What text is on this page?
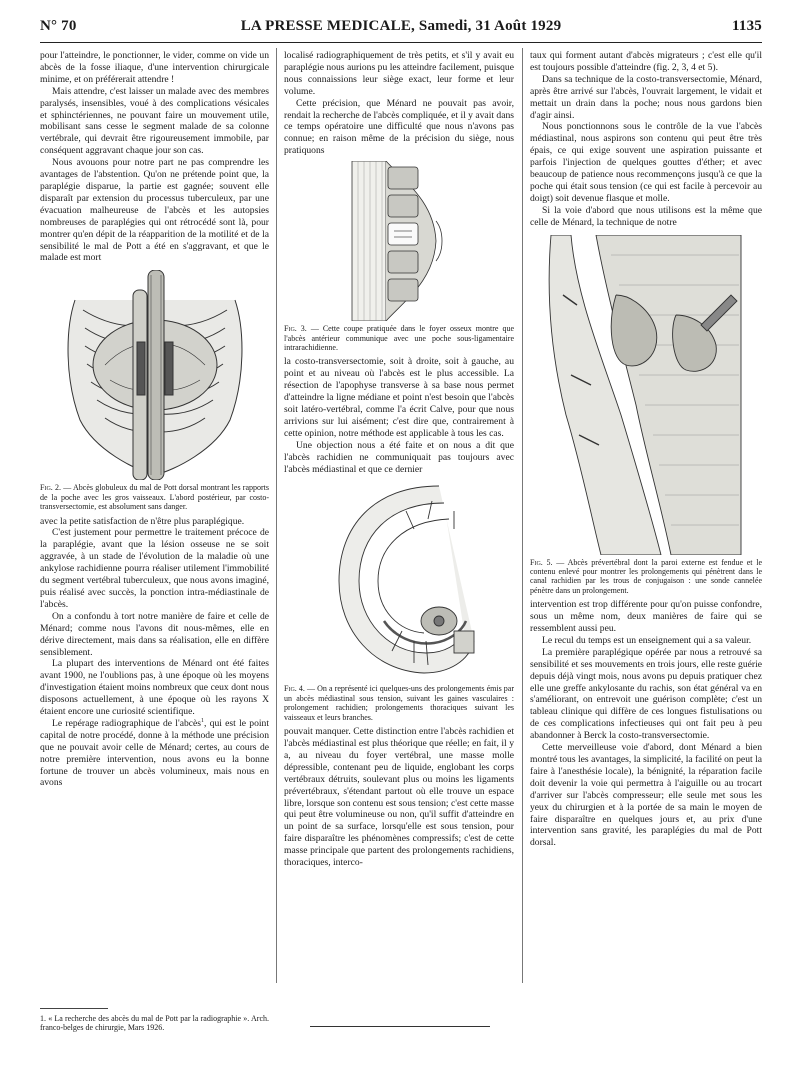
N° 70	LA PRESSE MEDICALE, Samedi, 31 Août 1929	1135

pour l'atteindre, le ponctionner, le vider, comme on vide un abcès de la fosse iliaque, d'une intervention chirurgicale minime, et on préférerait attendre !

Mais attendre, c'est laisser un malade avec des membres paralysés, insensibles, voué à des complications vésicales et sphinctériennes, ne pouvant faire un mouvement utile, mobilisant sans cesse le segment malade de sa colonne vertébrale, qui devrait être rigoureusement immobile, par conséquent aggravant chaque jour son cas.

Nous avouons pour notre part ne pas comprendre les avantages de l'abstention. Qu'on ne prétende point que, la paraplégie disparue, la partie est gagnée; souvent elle disparaît par extension du processus tuberculeux, par une évacuation malheureuse de l'abcès et les autopsies nombreuses de paraplégies qui ont rétrocédé sont là, pour montrer qu'en dépit de la réapparition de la motilité et de la sensibilité le mal de Pott a été en s'aggravant, et que le malade est mort

Fig. 2. — Abcès globuleux du mal de Pott dorsal montrant les rapports de la poche avec les gros vaisseaux. L'abord postérieur, par costo-transversectomie, est absolument sans danger.

avec la petite satisfaction de n'être plus paraplégique.

C'est justement pour permettre le traitement précoce de la paraplégie, avant que la lésion osseuse ne se soit aggravée, à un stade de l'évolution de la maladie où une ankylose rachidienne pourra réaliser utilement l'immobilité du segment vertébral tuberculeux, que nous avons imaginé, puis réalisé avec succès, la ponction intra-médiastinale de l'abcès.

On a confondu à tort notre manière de faire et celle de Ménard; comme nous l'avons dit nous-mêmes, elle en dérive directement, mais dans sa réalisation, elle en diffère sensiblement.

La plupart des interventions de Ménard ont été faites avant 1900, ne l'oublions pas, à une époque où les moyens d'investigation étaient moins nombreux que ceux dont nous disposons actuellement, à une époque où les rayons X étaient encore une curiosité scientifique.

Le repérage radiographique de l'abcès$^1$, qui est le point capital de notre procédé, donne à la méthode une précision que ne pouvait avoir celle de Ménard; certes, au cours de notre première intervention, nous avons eu la bonne fortune de trouver un abcès volumineux, mais nous en avons

1. « La recherche des abcès du mal de Pott par la radiographie ». Arch. franco-belges de chirurgie, Mars 1926.

localisé radiographiquement de très petits, et s'il y avait eu paraplégie nous aurions pu les atteindre facilement, puisque nous connaissions leur siège exact, leur forme et leur volume.

Cette précision, que Ménard ne pouvait pas avoir, rendait la recherche de l'abcès compliquée, et il y avait dans ce temps opératoire une difficulté que nous n'avons pas connue; en raison même de la précision du siège, nous pratiquons

Fig. 3. — Cette coupe pratiquée dans le foyer osseux montre que l'abcès antérieur communique avec une poche sous-ligamentaire intrarachidienne.

la costo-transversectomie, soit à droite, soit à gauche, au point et au niveau où l'abcès est le plus accessible. La résection de l'apophyse transverse à sa base nous permet d'atteindre la ligne médiane et point n'est besoin que l'abcès soit latéro-vertébral, comme l'a écrit Calve, pour que nous arrivions sur lui aisément; c'est dire que, contrairement à cette opinion, notre méthode est applicable à tous les cas.

Une objection nous a été faite et on nous a dit que l'abcès rachidien ne communiquait pas toujours avec l'abcès médiastinal et que ce dernier

Fig. 4. — On a représenté ici quelques-uns des prolongements émis par un abcès médiastinal sous tension, suivant les gaines vasculaires : prolongement rachidien; prolongements thoraciques suivant les vaisseaux et leurs branches.

pouvait manquer. Cette distinction entre l'abcès rachidien et l'abcès médiastinal est plus théorique que réelle; en fait, il y a, au niveau du foyer vertébral, une masse molle dépressible, contenant peu de liquide, englobant les corps vertébraux détruits, soulevant plus ou moins les ligaments prévertébraux, s'étendant partout où elle trouve un espace libre, lorsque son contenu est sous tension; c'est cette masse qui peut être volumineuse ou non, qu'il suffit d'atteindre en un point de sa surface, lorsqu'elle est sous tension, pour faire disparaître les phénomènes compressifs; c'est de cette masse principale que partent des prolongements rachidiens, thoraciques, interco-

taux qui forment autant d'abcès migrateurs ; c'est elle qu'il est toujours possible d'atteindre (fig. 2, 3, 4 et 5).

Dans sa technique de la costo-transversectomie, Ménard, après être arrivé sur l'abcès, l'ouvrait largement, le vidait et mettait un drain dans la poche; nous nous gardons bien d'agir ainsi.

Nous ponctionnons sous le contrôle de la vue l'abcès médiastinal, nous aspirons son contenu qui peut être très épais, ce qui exige souvent une aspiration puissante et parfois l'injection de quelques gouttes d'éther; et avec beaucoup de patience nous recommençons jusqu'à ce que la poche qui était sous tension (ce qui est facile à percevoir au doigt) soit devenue flasque et molle.

Si la voie d'abord que nous utilisons est la même que celle de Ménard, la technique de notre

Fig. 5. — Abcès prévertébral dont la paroi externe est fendue et le contenu enlevé pour montrer les prolongements qui pénètrent dans le canal rachidien par les trous de conjugaison : une sonde cannelée pénètre dans un prolongement.

intervention est trop différente pour qu'on puisse confondre, sous un même nom, deux manières de faire qui se ressemblent aussi peu.

Le recul du temps est un enseignement qui a sa valeur.

La première paraplégique opérée par nous a retrouvé sa sensibilité et ses mouvements en trois jours, elle reste guérie depuis déjà vingt mois, nous avons pu depuis pratiquer chez elle une greffe ankylosante du rachis, son état général va en s'améliorant, on entrevoit une guérison complète; c'est un tableau clinique qui diffère de ces longues fistulisations ou de ces complications infectieuses qui ont fait peu à peu abandonner à Berck la costo-transversectomie.

Cette merveilleuse voie d'abord, dont Ménard a bien montré tous les avantages, la simplicité, la facilité on peut la faire à l'anesthésie locale), la bénignité, la réparation facile doit devenir la voie qui permettra à l'aiguille ou au trocart d'arriver sur l'abcès compresseur; elle seule met sous les yeux du chirurgien et à la portée de sa main le moyen de faire disparaître en quelques jours et, au prix d'une intervention sans gravité, les paraplégies du mal de Pott dorsal.
